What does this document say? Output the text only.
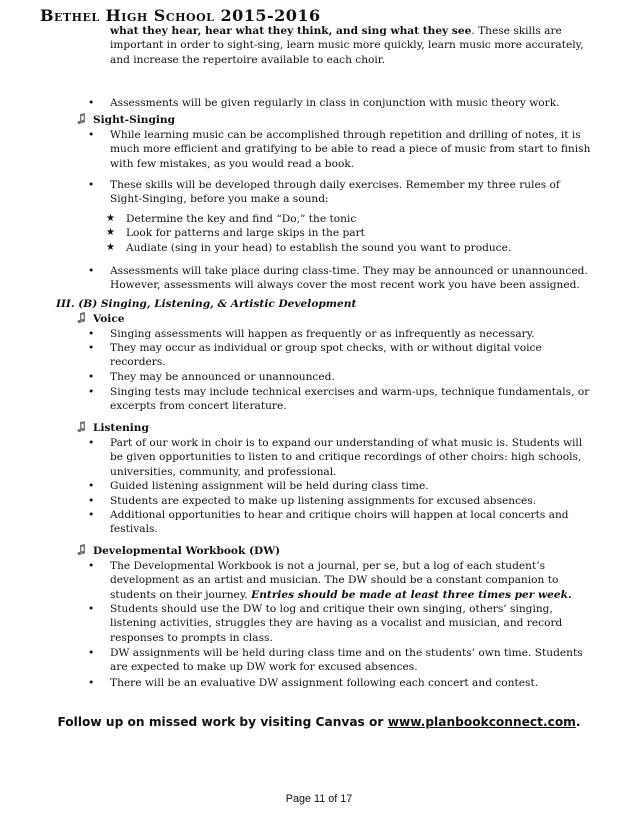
Bethel High School 2015-2016
what they hear, hear what they think, and sing what they see. These skills are
important in order to sight-sing, learn music more quickly, learn music more accurately,
and increase the repertoire available to each choir.
• Assessments will be given regularly in class in conjunction with music theory work.
Sight-Singing
• While learning music can be accomplished through repetition and drilling of notes, it is
much more efficient and gratifying to be able to read a piece of music from start to finish
with few mistakes, as you would read a book.
• These skills will be developed through daily exercises. Remember my three rules of
Sight-Singing, before you make a sound:
★ Determine the key and find “Do,” the tonic
★ Look for patterns and large skips in the part
★ Audiate (sing in your head) to establish the sound you want to produce.
• Assessments will take place during class-time. They may be announced or unannounced.
However, assessments will always cover the most recent work you have been assigned.
III. (B) Singing, Listening, & Artistic Development
Voice
• Singing assessments will happen as frequently or as infrequently as necessary.
• They may occur as individual or group spot checks, with or without digital voice
recorders.
• They may be announced or unannounced.
• Singing tests may include technical exercises and warm-ups, technique fundamentals, or
excerpts from concert literature.
Listening
• Part of our work in choir is to expand our understanding of what music is. Students will
be given opportunities to listen to and critique recordings of other choirs: high schools,
universities, community, and professional.
• Guided listening assignment will be held during class time.
• Students are expected to make up listening assignments for excused absences.
• Additional opportunities to hear and critique choirs will happen at local concerts and
festivals.
Developmental Workbook (DW)
• The Developmental Workbook is not a journal, per se, but a log of each student’s
development as an artist and musician. The DW should be a constant companion to
students on their journey. Entries should be made at least three times per week.
• Students should use the DW to log and critique their own singing, others’ singing,
listening activities, struggles they are having as a vocalist and musician, and record
responses to prompts in class.
• DW assignments will be held during class time and on the students’ own time. Students
are expected to make up DW work for excused absences.
• There will be an evaluative DW assignment following each concert and contest.
Follow up on missed work by visiting Canvas or www.planbookconnect.com.
Page 11 of 17
